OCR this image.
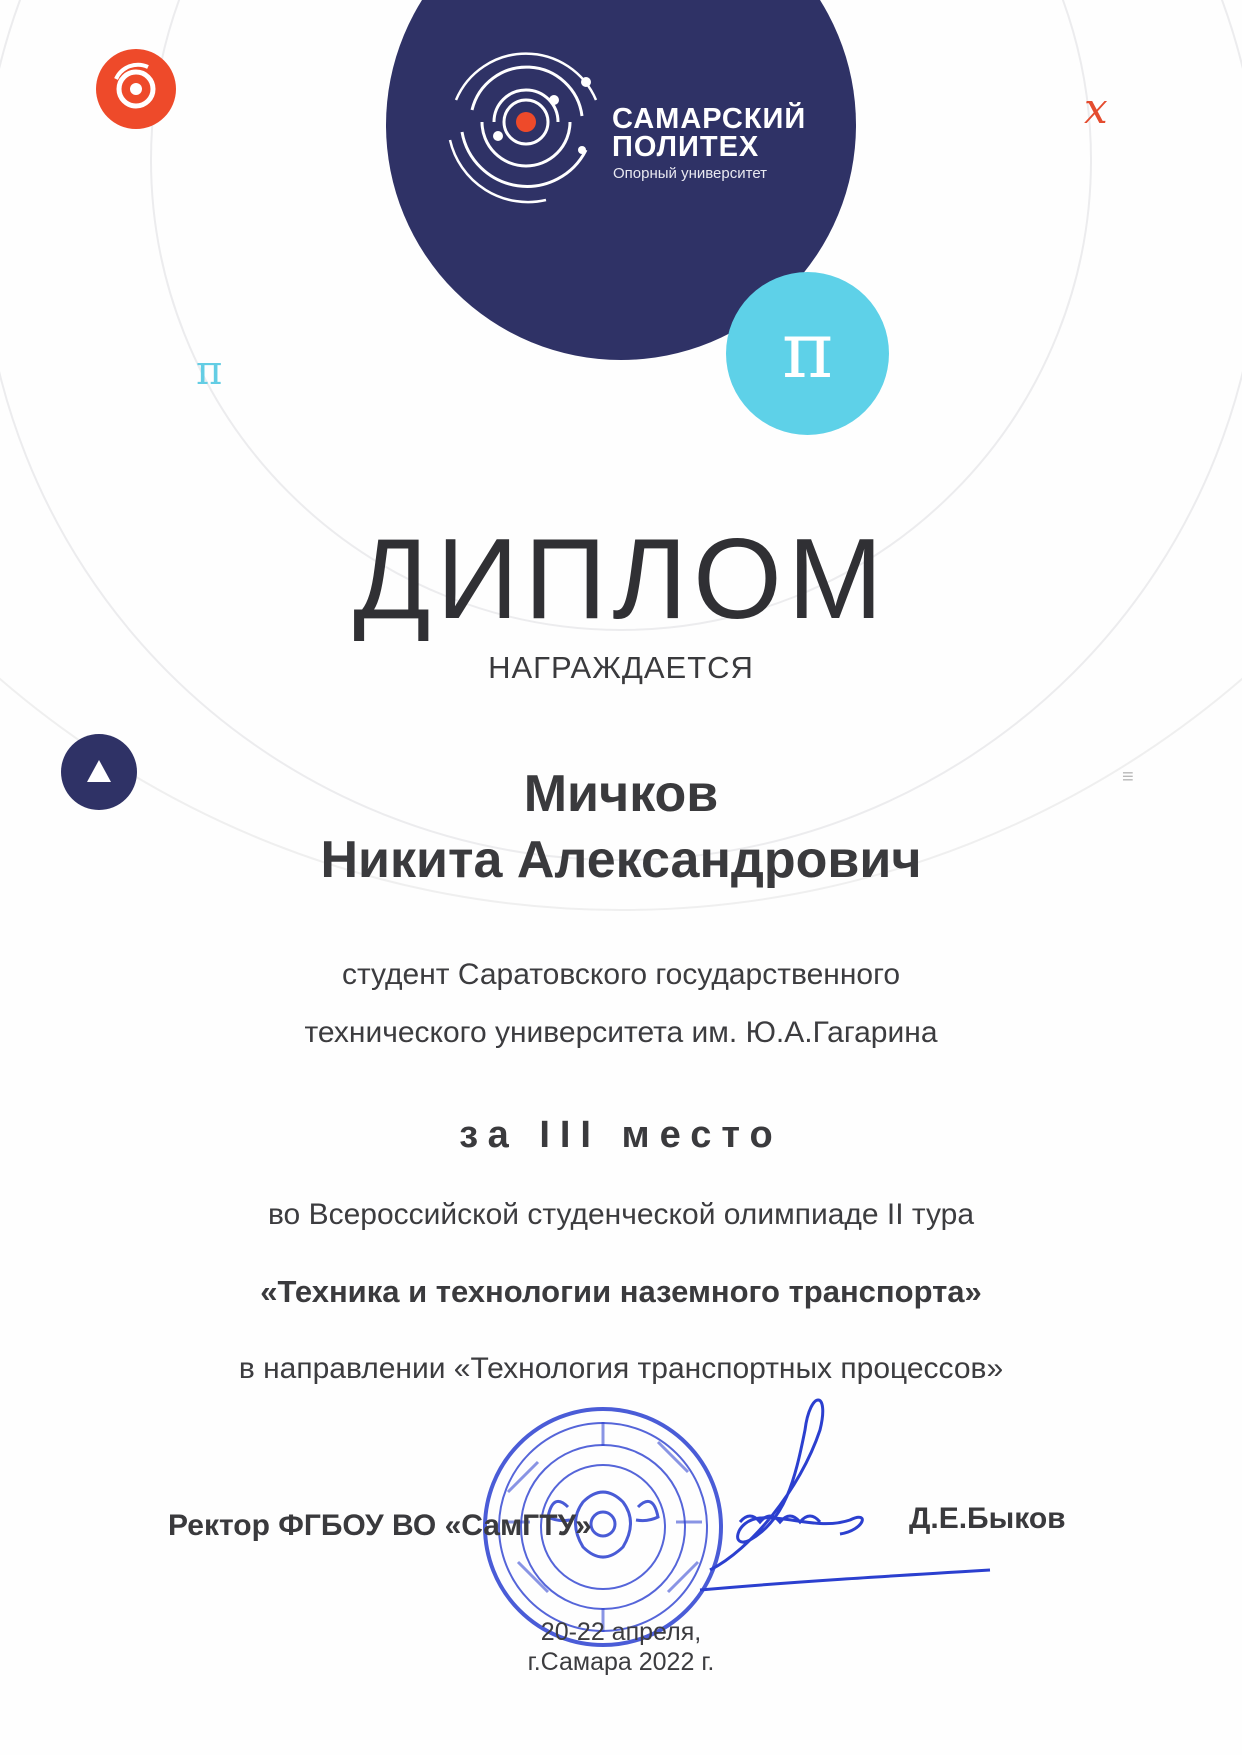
x
π
≡
САМАРСКИЙ
ПОЛИТЕХ
Опорный университет
π
ДИПЛОМ
НАГРАЖДАЕТСЯ
Мичков
Никита Александрович
студент Саратовского государственного
технического университета им. Ю.А.Гагарина
за III место
во Всероссийской студенческой олимпиаде II тура
«Техника и технологии наземного транспорта»
в направлении «Технология транспортных процессов»
Ректор ФГБОУ ВО «СамГТУ»	Д.Е.Быков
20-22 апреля,
г.Самара 2022 г.
